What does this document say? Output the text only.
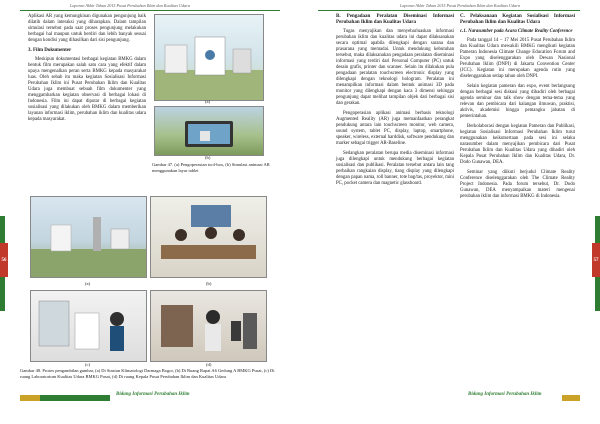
Laporan Akhir Tahun 2015 Pusat Perubahan Iklim dan Kualitas Udara

Aplikasi AR yang kemungkinan digunakan pengunjung baik dilatih dalam interaksi yang diharapkan. Dalam tampilan simulasi tersebut pada saat proses pengunjung melakukan berbagai hal maupun untuk berdiri dan lebih banyak sesuai dengan kondisi yang dihasilkan dari sisi pengunjung.

3. Film Dokumenter

Meskipun dokumentasi berbagai kegiatan BMKG dalam bentuk film merupakan salah satu cara yang efektif dalam upaya mengenalkan peran serta BMKG kepada masyarakat luas. Oleh sebab itu maka kegiatan Sosialisasi Informasi Perubahan Iklim ini Pusat Perubahan Iklim dan Kualitas Udara juga membuat sebuah film dokumenter yang menggambarkan kegiatan observasi di berbagai lokasi di Indonesia. Film ini dapat diputar di berbagai kegiatan sosialisasi yang dilakukan oleh BMKG dalam memberikan layanan informasi iklim, perubahan iklim dan kualitas udara kepada masyarakat.

(a)
(b)
Gambar 47. (a) Pengoperasian tool-box, (b) Simulasi animasi AR menggunakan layar tablet
(a)	(b)
(c)	(d)
Gambar 48. Proses pengambilan gambar, (a) Di Stasiun Klimatologi Darmaga Bogor, (b) Di Ruang Rapat A6 Gedung A BMKG Pusat, (c) Di ruang Laboratorium Kualitas Udara BMKG Pusat, (d) Di ruang Kepala Pusat Perubahan Iklim dan Kualitas Udara
56
Bidang Informasi Perubahan Iklim
Laporan Akhir Tahun 2015 Pusat Perubahan Iklim dan Kualitas Udara
B. Pengadaan Peralatan Diseminasi Informasi Perubahan Iklim dan Kualitas Udara

Tugas menyajikan dan menyebarluaskan informasi perubahan iklim dan kualitas udara ini dapat dilaksanakan secara optimal apabila dilengkapi dengan sarana dan prasarana yang memadai. Untuk mendukung kebutuhan tersebut, maka dilaksanakan pengadaan peralatan diseminasi informasi yang terdiri dari Personal Computer (PC) untuk desain grafis, printer dan scanner. Selain itu dilakukan pula pengadaan peralatan touchscreen electronic display yang dilengkapi dengan teknologi hologram. Peralatan ini menampilkan informasi dalam bentuk animasi 3D pada monitor yang dilengkapi dengan kaca 3 dimensi sehingga pengunjung dapat melihat tampilan objek dari berbagai sisi dan gerakan.

Pengoperasian aplikasi animasi berbasis teknologi Augmented Reality (AR) juga memanfaatkan perangkat pendukung antara lain touchscreen monitor, web camera, sound system, tablet PC, display, laptop, smartphone, speaker, wireless, external harddisk, software pendukung dan marker sebagai trigger AR-Baseline.

Sedangkan peralatan berupa media diseminasi informasi juga dilengkapi untuk mendukung berbagai kegiatan sosialisasi dan publikasi. Peralatan tersebut antara lain tang perbaikan rangkaian display, tiang display yang dilengkapi dengan papan nama, roll banner, tote bag/tas, proyektor, mini PC, pocket camera dan magnetic glassboard.

C. Pelaksanaan Kegiatan Sosialisasi Informasi Perubahan Iklim dan Kualitas Udara
c.1. Narasumber pada Acara Climate Reality Conference

Pada tanggal 14 – 17 Mei 2015 Pusat Perubahan Iklim dan Kualitas Udara mewakili BMKG mengikuti kegiatan Pameran Indonesia Climate Change Education Forum and Expo yang diselenggarakan oleh Dewan Nasional Perubahan Iklim (DNPI) di Jakarta Convention Center (JCC). Kegiatan ini merupakan agenda rutin yang diselenggarakan setiap tahun oleh DNPI.

Selain kegiatan pameran dan expo, event berlangsung dengan berbagai sesi diskusi yang dihadiri oleh berbagai agenda seminar dan talk show dengan tema-tema yang relevan dan pembicara dari kalangan ilmuwan, praktisi, aktivis, akademisi hingga pemangku jabatan di pemerintahan.

Berkolaborasi dengan kegiatan Pameran dan Publikasi, kegiatan Sosialisasi Informasi Perubahan Iklim turut menggunakan keikutsertaan pada sesi ini selaku narasumber dalam menyajikan pembicara dari Pusat Perubahan Iklim dan Kualitas Udara yang dihadiri oleh Kepala Pusat Perubahan Iklim dan Kualitas Udara, Dr. Dodo Gunawan, DEA.

Seminar yang diikuti berjudul Climate Reality Conference diselenggarakan oleh The Climate Reality Project Indonesia. Pada forum tersebut, Dr. Dodo Gunawan, DEA menyampaikan materi mengenai perubahan iklim dan informasi BMKG di Indonesia.

57
Bidang Informasi Perubahan Iklim
